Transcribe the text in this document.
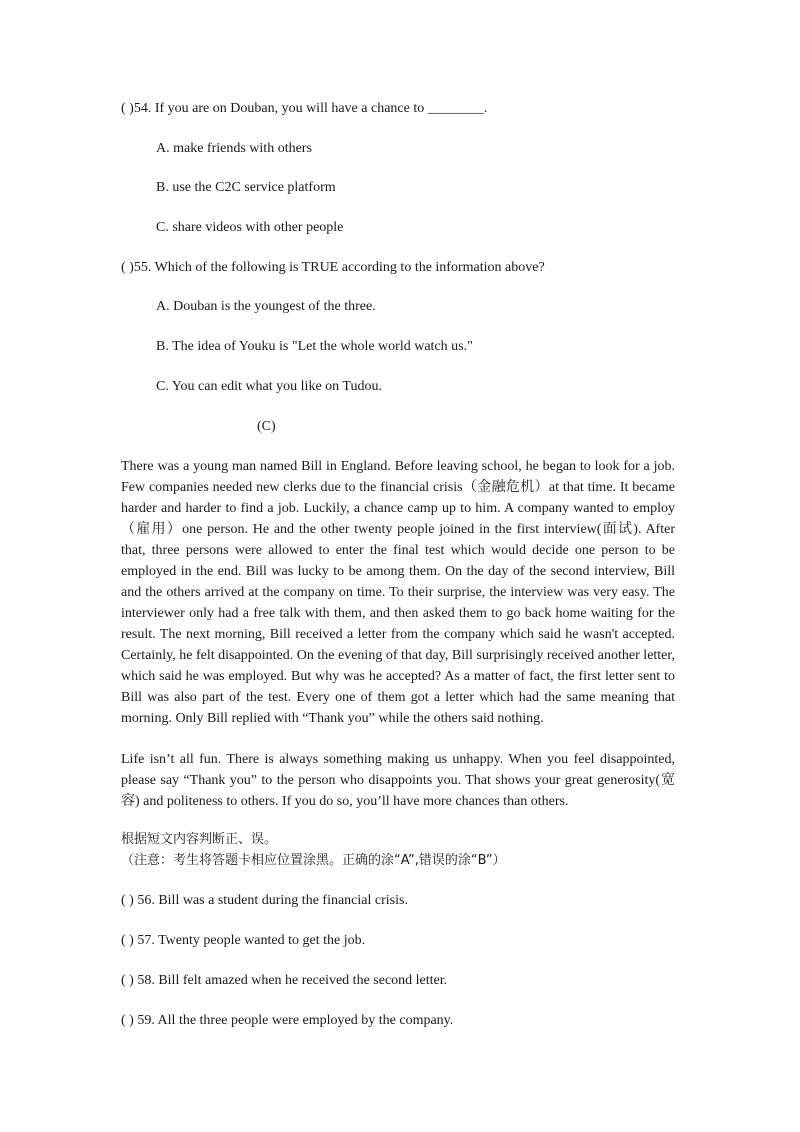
( )54. If you are on Douban, you will have a chance to ________.
A. make friends with others
B. use the C2C service platform
C. share videos with other people
( )55. Which of the following is TRUE according to the information above?
A. Douban is the youngest of the three.
B. The idea of Youku is "Let the whole world watch us."
C. You can edit what you like on Tudou.
(C)
There was a young man named Bill in England. Before leaving school, he began to look for a job. Few companies needed new clerks due to the financial crisis（金融危机）at that time. It became harder and harder to find a job. Luckily, a chance camp up to him. A company wanted to employ（雇用）one person. He and the other twenty people joined in the first interview(面试). After that, three persons were allowed to enter the final test which would decide one person to be employed in the end. Bill was lucky to be among them. On the day of the second interview, Bill and the others arrived at the company on time. To their surprise, the interview was very easy. The interviewer only had a free talk with them, and then asked them to go back home waiting for the result. The next morning, Bill received a letter from the company which said he wasn't accepted. Certainly, he felt disappointed. On the evening of that day, Bill surprisingly received another letter, which said he was employed. But why was he accepted? As a matter of fact, the first letter sent to Bill was also part of the test. Every one of them got a letter which had the same meaning that morning. Only Bill replied with “Thank you” while the others said nothing.
Life isn’t all fun. There is always something making us unhappy. When you feel disappointed, please say “Thank you” to the person who disappoints you. That shows your great generosity(宽容) and politeness to others. If you do so, you’ll have more chances than others.
根据短文内容判断正、误。
（注意：考生将答题卡相应位置涂黑。正确的涂“A”,错误的涂“B”）
( ) 56. Bill was a student during the financial crisis.
( ) 57. Twenty people wanted to get the job.
( ) 58. Bill felt amazed when he received the second letter.
( ) 59. All the three people were employed by the company.
